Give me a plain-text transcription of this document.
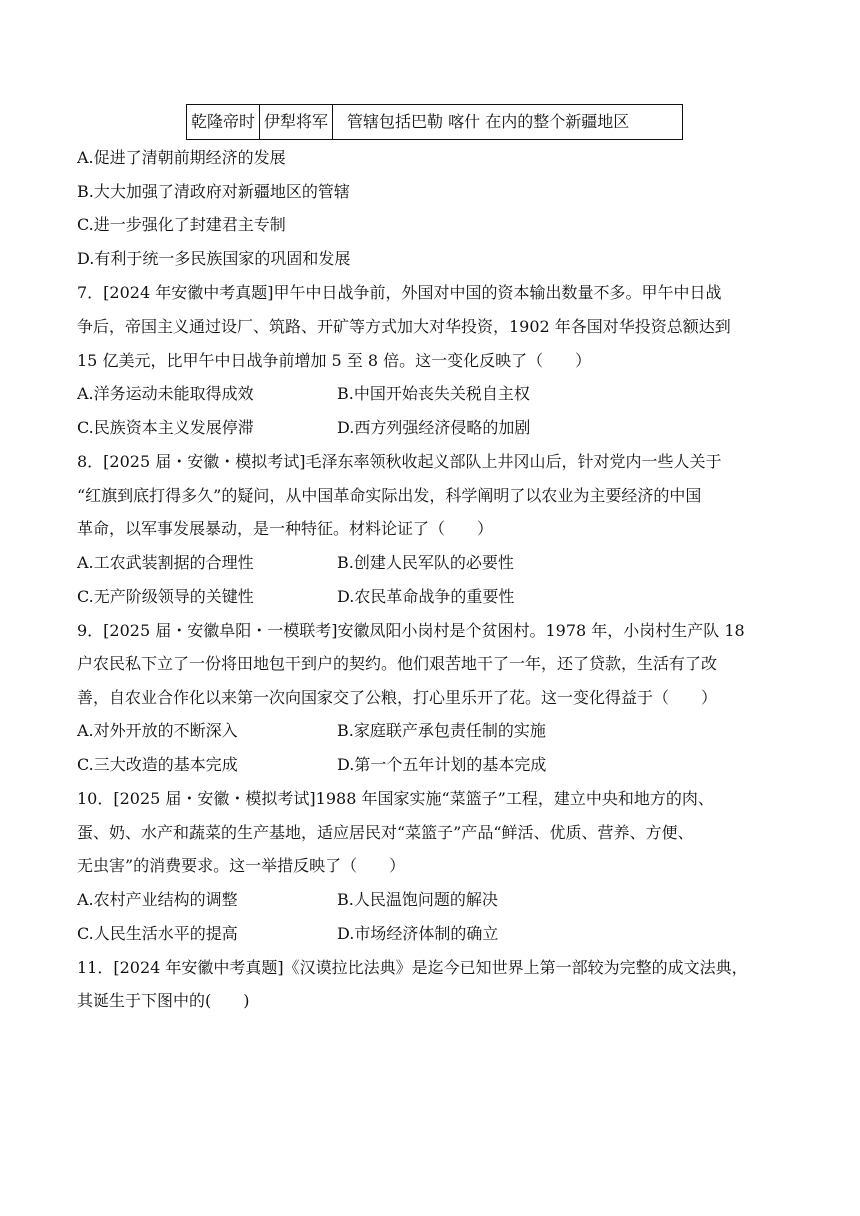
乾隆帝时	伊犁将军	管辖包括巴勒 喀什 在内的整个新疆地区
A.促进了清朝前期经济的发展
B.大大加强了清政府对新疆地区的管辖
C.进一步强化了封建君主专制
D.有利于统一多民族国家的巩固和发展
7．[2024 年安徽中考真题]甲午中日战争前，外国对中国的资本输出数量不多。甲午中日战
争后，帝国主义通过设厂、筑路、开矿等方式加大对华投资，1902 年各国对华投资总额达到
15 亿美元，比甲午中日战争前增加 5 至 8 倍。这一变化反映了（　　）
A.洋务运动未能取得成效	B.中国开始丧失关税自主权
C.民族资本主义发展停滞	D.西方列强经济侵略的加剧
8．[2025 届・安徽・模拟考试]毛泽东率领秋收起义部队上井冈山后，针对党内一些人关于
“红旗到底打得多久”的疑问，从中国革命实际出发，科学阐明了以农业为主要经济的中国
革命，以军事发展暴动，是一种特征。材料论证了（　　）
A.工农武装割据的合理性	B.创建人民军队的必要性
C.无产阶级领导的关键性	D.农民革命战争的重要性
9．[2025 届・安徽阜阳・一模联考]安徽凤阳小岗村是个贫困村。1978 年，小岗村生产队 18
户农民私下立了一份将田地包干到户的契约。他们艰苦地干了一年，还了贷款，生活有了改
善，自农业合作化以来第一次向国家交了公粮，打心里乐开了花。这一变化得益于（　　）
A.对外开放的不断深入	B.家庭联产承包责任制的实施
C.三大改造的基本完成	D.第一个五年计划的基本完成
10．[2025 届・安徽・模拟考试]1988 年国家实施“菜篮子”工程，建立中央和地方的肉、
蛋、奶、水产和蔬菜的生产基地，适应居民对“菜篮子”产品“鲜活、优质、营养、方便、
无虫害”的消费要求。这一举措反映了（　　）
A.农村产业结构的调整	B.人民温饱问题的解决
C.人民生活水平的提高	D.市场经济体制的确立
11．[2024 年安徽中考真题]《汉谟拉比法典》是迄今已知世界上第一部较为完整的成文法典，
其诞生于下图中的(　　)
